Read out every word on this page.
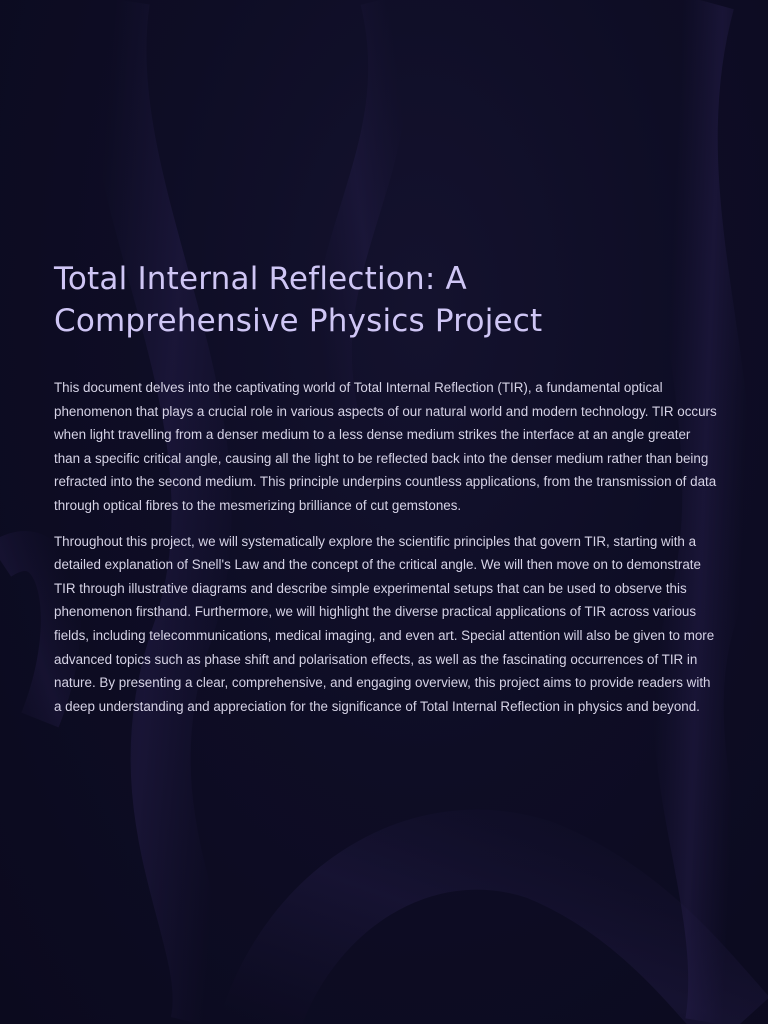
Total Internal Reflection: A Comprehensive Physics Project

This document delves into the captivating world of Total Internal Reflection (TIR), a fundamental optical phenomenon that plays a crucial role in various aspects of our natural world and modern technology. TIR occurs when light travelling from a denser medium to a less dense medium strikes the interface at an angle greater than a specific critical angle, causing all the light to be reflected back into the denser medium rather than being refracted into the second medium. This principle underpins countless applications, from the transmission of data through optical fibres to the mesmerizing brilliance of cut gemstones.

Throughout this project, we will systematically explore the scientific principles that govern TIR, starting with a detailed explanation of Snell's Law and the concept of the critical angle. We will then move on to demonstrate TIR through illustrative diagrams and describe simple experimental setups that can be used to observe this phenomenon firsthand. Furthermore, we will highlight the diverse practical applications of TIR across various fields, including telecommunications, medical imaging, and even art. Special attention will also be given to more advanced topics such as phase shift and polarisation effects, as well as the fascinating occurrences of TIR in nature. By presenting a clear, comprehensive, and engaging overview, this project aims to provide readers with a deep understanding and appreciation for the significance of Total Internal Reflection in physics and beyond.
